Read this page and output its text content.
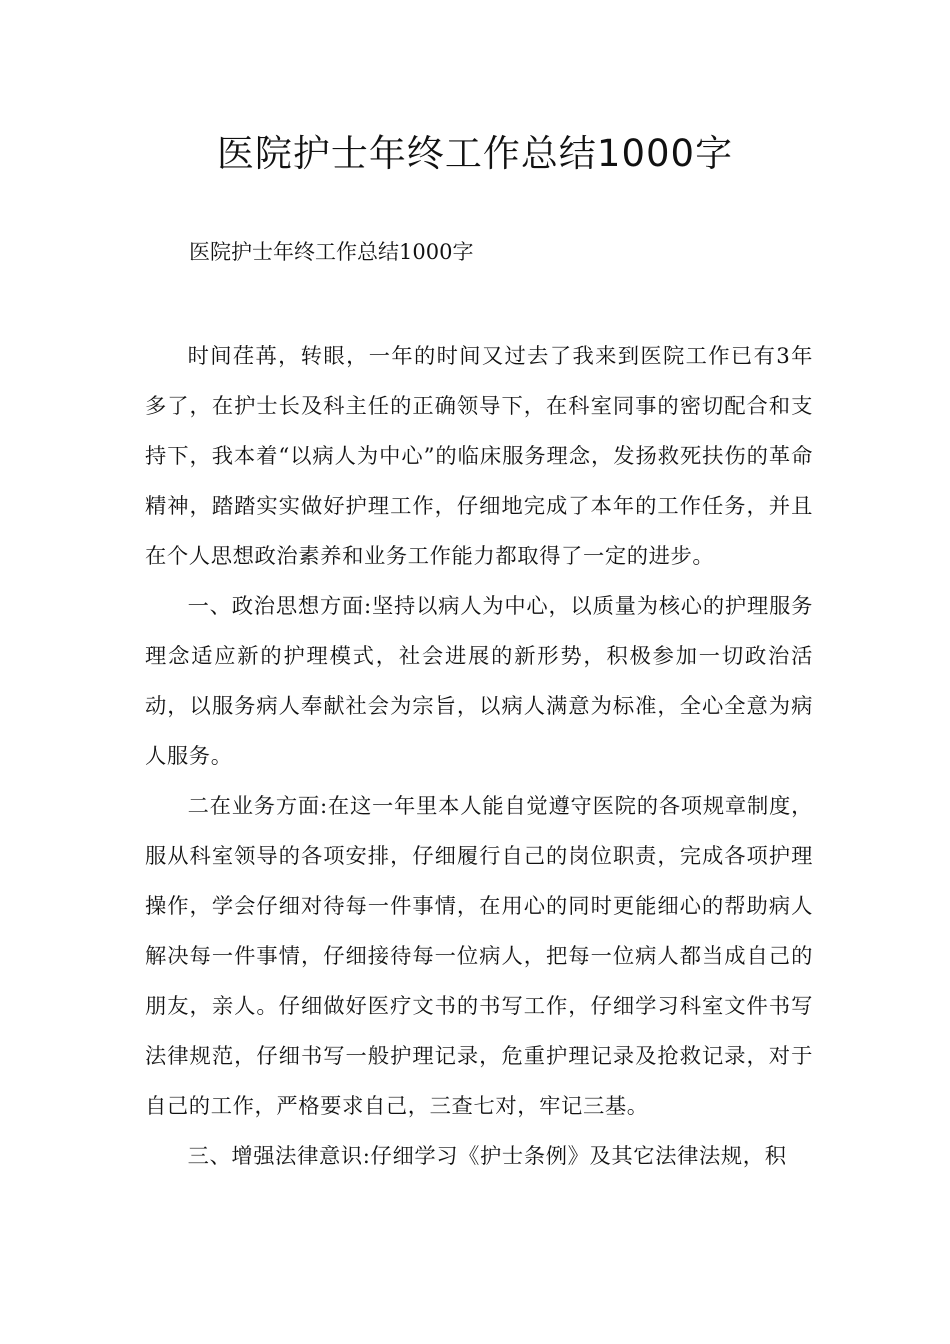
医院护士年终工作总结1000字
医院护士年终工作总结1000字

时间荏苒，转眼，一年的时间又过去了我来到医院工作已有3年多了，在护士长及科主任的正确领导下，在科室同事的密切配合和支持下，我本着“以病人为中心”的临床服务理念，发扬救死扶伤的革命精神，踏踏实实做好护理工作，仔细地完成了本年的工作任务，并且在个人思想政治素养和业务工作能力都取得了一定的进步。

一、政治思想方面:坚持以病人为中心，以质量为核心的护理服务理念适应新的护理模式，社会进展的新形势，积极参加一切政治活动，以服务病人奉献社会为宗旨，以病人满意为标准，全心全意为病人服务。

二在业务方面:在这一年里本人能自觉遵守医院的各项规章制度，服从科室领导的各项安排，仔细履行自己的岗位职责，完成各项护理操作，学会仔细对待每一件事情，在用心的同时更能细心的帮助病人解决每一件事情，仔细接待每一位病人，把每一位病人都当成自己的朋友，亲人。仔细做好医疗文书的书写工作，仔细学习科室文件书写法律规范，仔细书写一般护理记录，危重护理记录及抢救记录，对于自己的工作，严格要求自己，三查七对，牢记三基。

三、增强法律意识:仔细学习《护士条例》及其它法律法规，积
